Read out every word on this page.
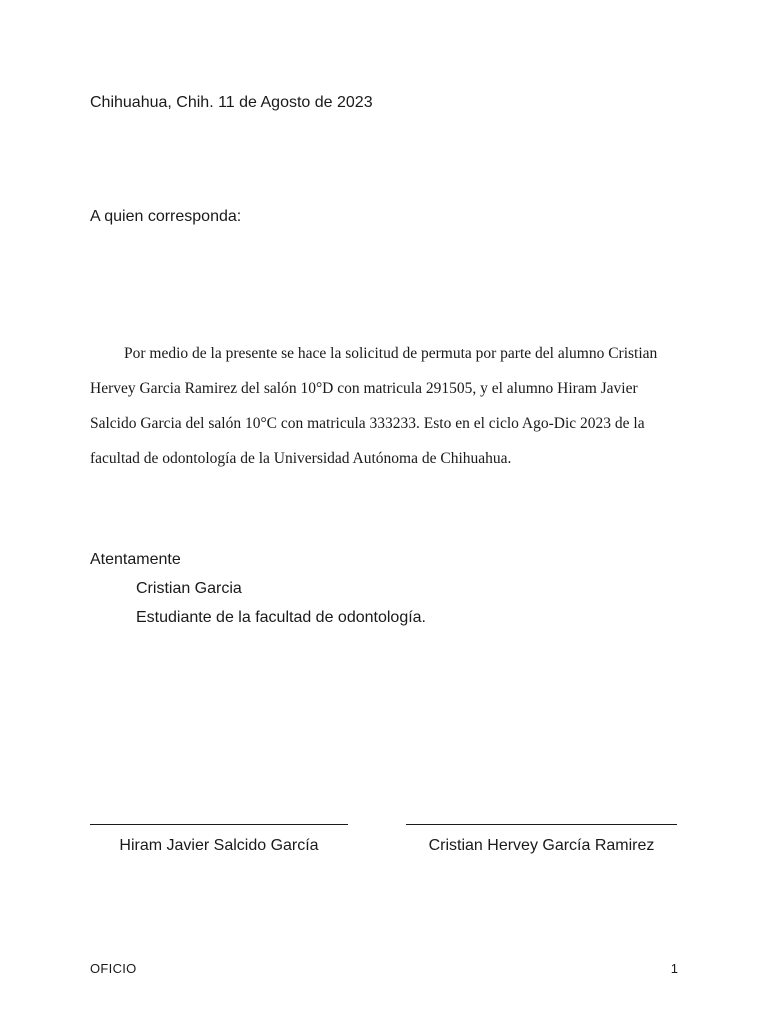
Chihuahua, Chih. 11 de Agosto de 2023
A quien corresponda:

Por medio de la presente se hace la solicitud de permuta por parte del alumno Cristian Hervey Garcia Ramirez del salón 10°D con matricula 291505, y el alumno Hiram Javier Salcido Garcia del salón 10°C con matricula 333233. Esto en el ciclo Ago-Dic 2023 de la facultad de odontología de la Universidad Autónoma de Chihuahua.

Atentamente
Cristian Garcia
Estudiante de la facultad de odontología.
Hiram Javier Salcido García	Cristian Hervey García Ramirez
OFICIO	1
